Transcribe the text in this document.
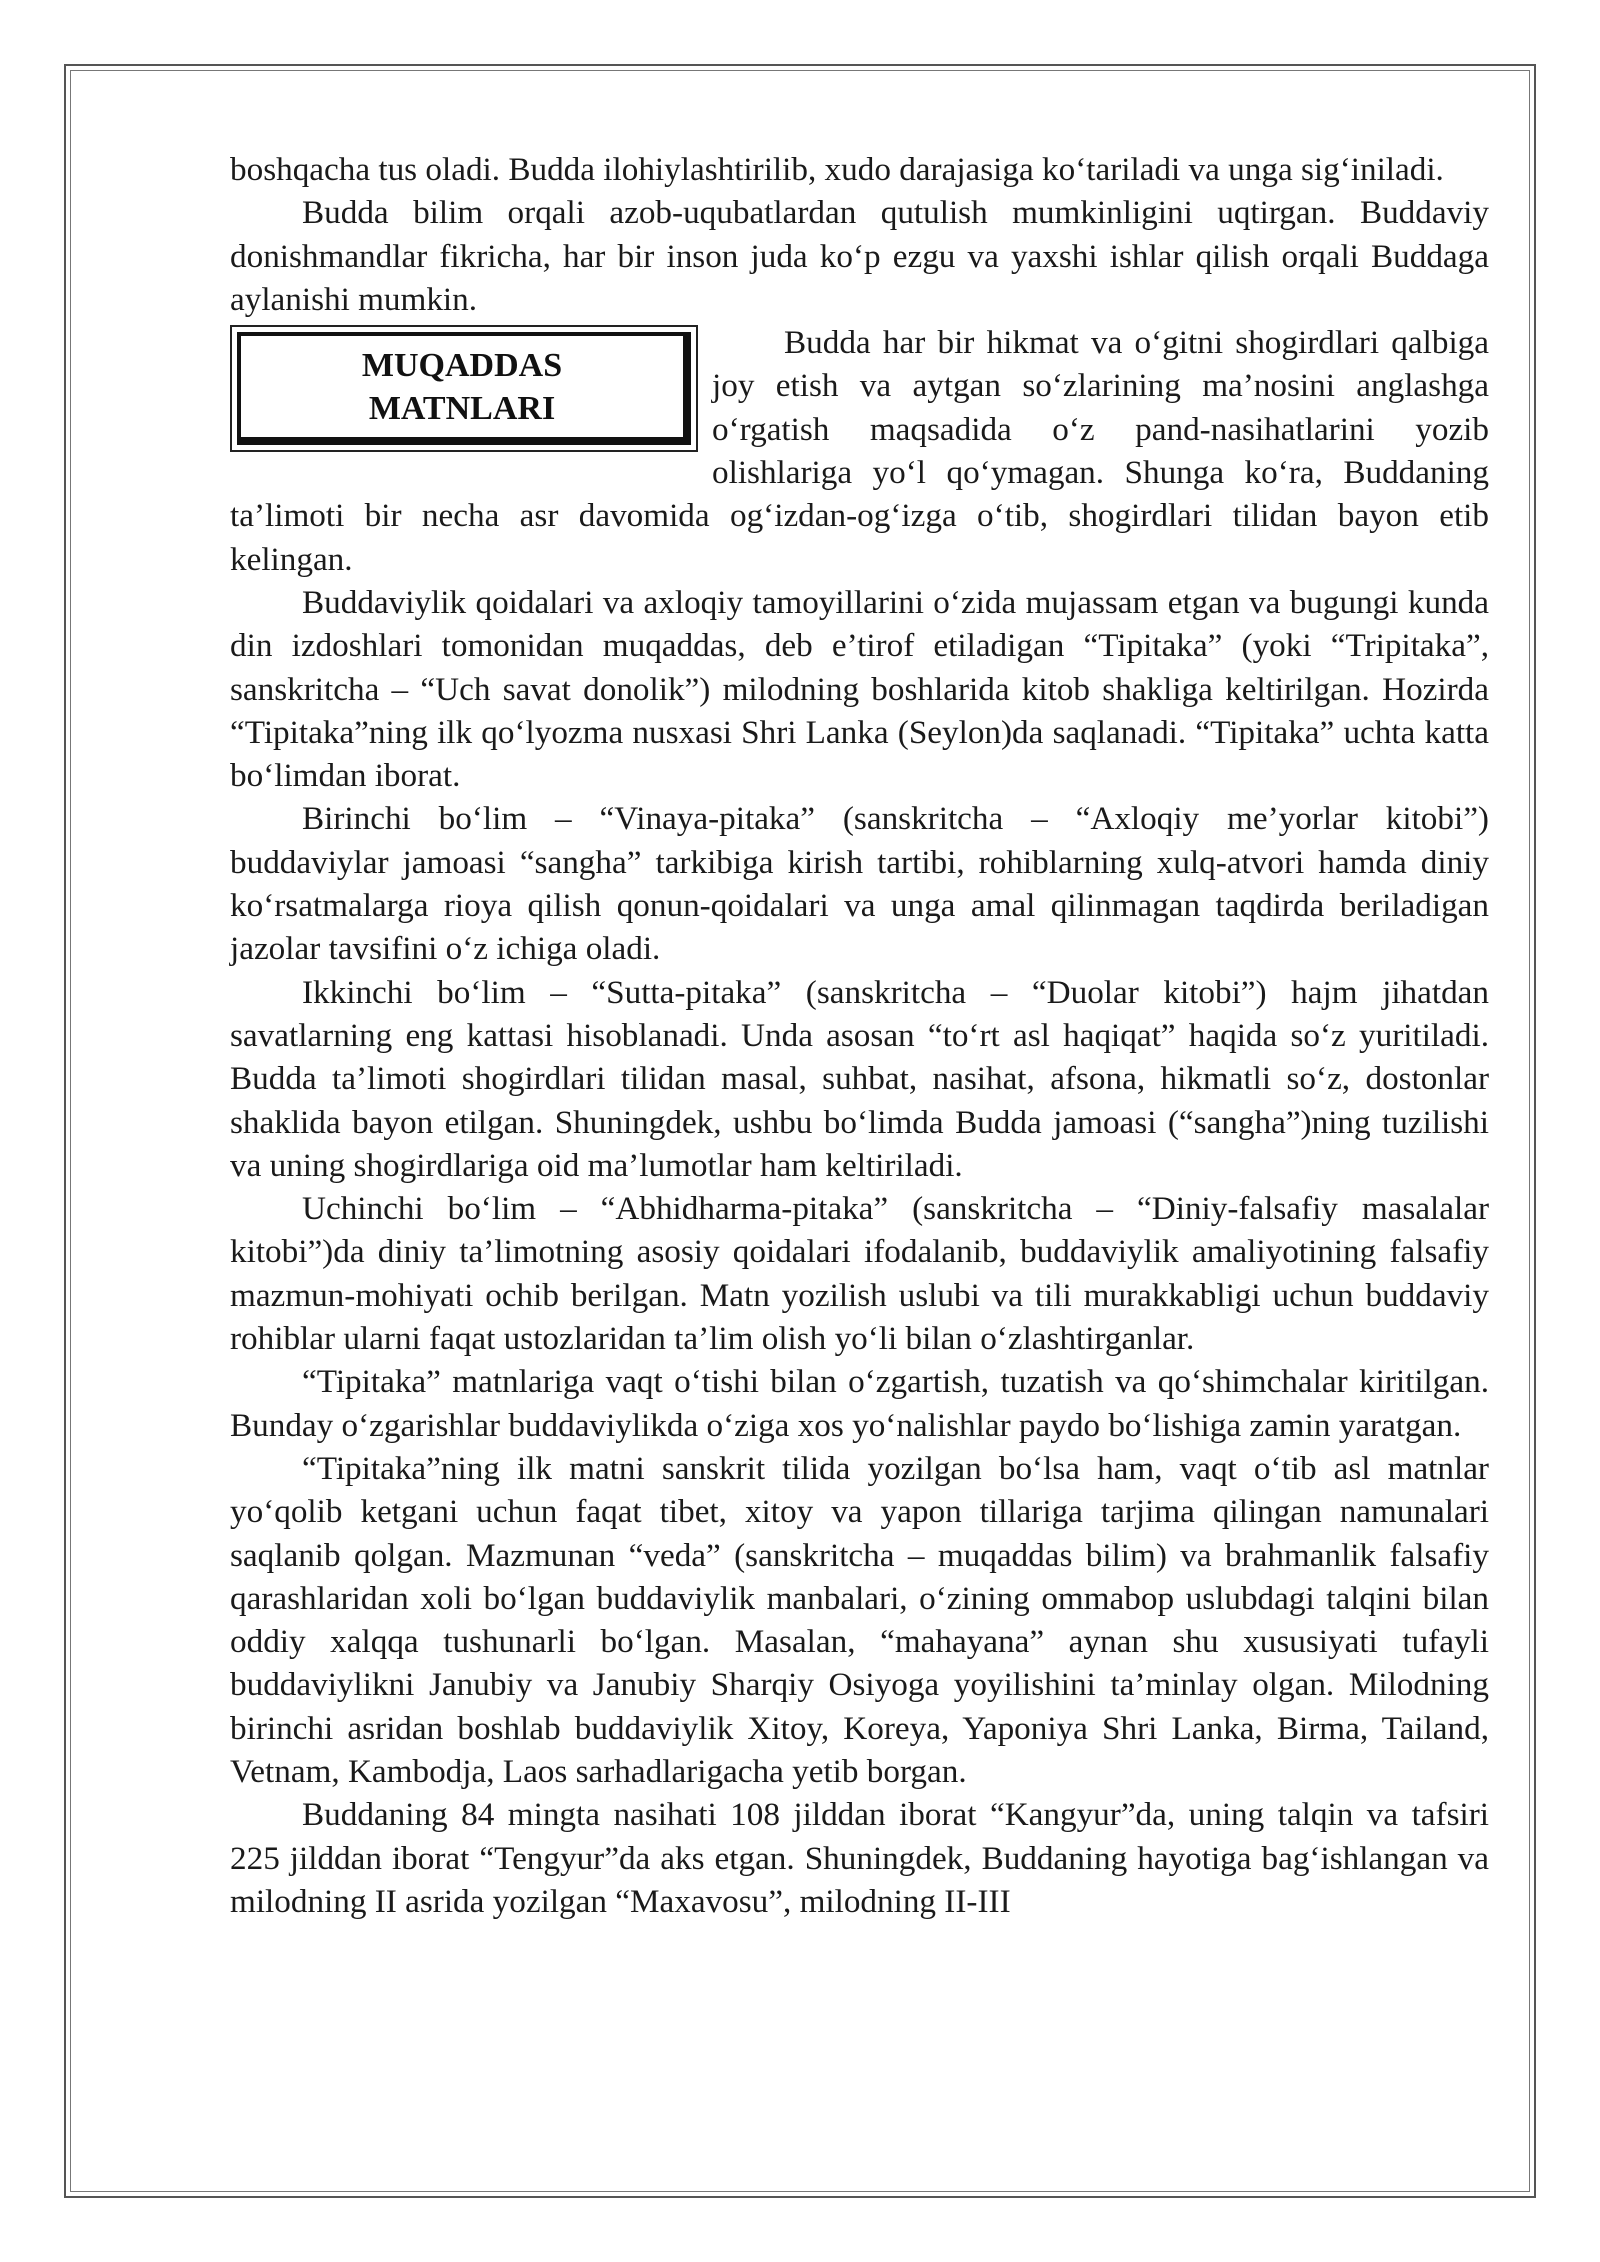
boshqacha tus oladi. Budda ilohiylashtirilib, xudo darajasiga ko‘tariladi va unga sig‘iniladi.

Budda bilim orqali azob-uqubatlardan qutulish mumkinligini uqtirgan. Buddaviy donishmandlar fikricha, har bir inson juda ko‘p ezgu va yaxshi ishlar qilish orqali Buddaga aylanishi mumkin.

MUQADDAS MATNLARI

Budda har bir hikmat va o‘gitni shogirdlari qalbiga joy etish va aytgan so‘zlarining ma’nosini anglashga o‘rgatish maqsadida o‘z pand-nasihatlarini yozib olishlariga yo‘l qo‘ymagan. Shunga ko‘ra, Buddaning ta’limoti bir necha asr davomida og‘izdan-og‘izga o‘tib, shogirdlari tilidan bayon etib kelingan.

Buddaviylik qoidalari va axloqiy tamoyillarini o‘zida mujassam etgan va bugungi kunda din izdoshlari tomonidan muqaddas, deb e’tirof etiladigan “Tipitaka” (yoki “Tripitaka”, sanskritcha – “Uch savat donolik”) milodning boshlarida kitob shakliga keltirilgan. Hozirda “Tipitaka”ning ilk qo‘lyozma nusxasi Shri Lanka (Seylon)da saqlanadi. “Tipitaka” uchta katta bo‘limdan iborat.

Birinchi bo‘lim – “Vinaya-pitaka” (sanskritcha – “Axloqiy me’yorlar kitobi”) buddaviylar jamoasi “sangha” tarkibiga kirish tartibi, rohiblarning xulq-atvori hamda diniy ko‘rsatmalarga rioya qilish qonun-qoidalari va unga amal qilinmagan taqdirda beriladigan jazolar tavsifini o‘z ichiga oladi.

Ikkinchi bo‘lim – “Sutta-pitaka” (sanskritcha – “Duolar kitobi”) hajm jihatdan savatlarning eng kattasi hisoblanadi. Unda asosan “to‘rt asl haqiqat” haqida so‘z yuritiladi. Budda ta’limoti shogirdlari tilidan masal, suhbat, nasihat, afsona, hikmatli so‘z, dostonlar shaklida bayon etilgan. Shuningdek, ushbu bo‘limda Budda jamoasi (“sangha”)ning tuzilishi va uning shogirdlariga oid ma’lumotlar ham keltiriladi.

Uchinchi bo‘lim – “Abhidharma-pitaka” (sanskritcha – “Diniy-falsafiy masalalar kitobi”)da diniy ta’limotning asosiy qoidalari ifodalanib, buddaviylik amaliyotining falsafiy mazmun-mohiyati ochib berilgan. Matn yozilish uslubi va tili murakkabligi uchun buddaviy rohiblar ularni faqat ustozlaridan ta’lim olish yo‘li bilan o‘zlashtirganlar.

“Tipitaka” matnlariga vaqt o‘tishi bilan o‘zgartish, tuzatish va qo‘shimchalar kiritilgan. Bunday o‘zgarishlar buddaviylikda o‘ziga xos yo‘nalishlar paydo bo‘lishiga zamin yaratgan.

“Tipitaka”ning ilk matni sanskrit tilida yozilgan bo‘lsa ham, vaqt o‘tib asl matnlar yo‘qolib ketgani uchun faqat tibet, xitoy va yapon tillariga tarjima qilingan namunalari saqlanib qolgan. Mazmunan “veda” (sanskritcha – muqaddas bilim) va brahmanlik falsafiy qarashlaridan xoli bo‘lgan buddaviylik manbalari, o‘zining ommabop uslubdagi talqini bilan oddiy xalqqa tushunarli bo‘lgan. Masalan, “mahayana” aynan shu xususiyati tufayli buddaviylikni Janubiy va Janubiy Sharqiy Osiyoga yoyilishini ta’minlay olgan. Milodning birinchi asridan boshlab buddaviylik Xitoy, Koreya, Yaponiya Shri Lanka, Birma, Tailand, Vetnam, Kambodja, Laos sarhadlarigacha yetib borgan.

Buddaning 84 mingta nasihati 108 jilddan iborat “Kangyur”da, uning talqin va tafsiri 225 jilddan iborat “Tengyur”da aks etgan. Shuningdek, Buddaning hayotiga bag‘ishlangan va milodning II asrida yozilgan “Maxavosu”, milodning II-III
